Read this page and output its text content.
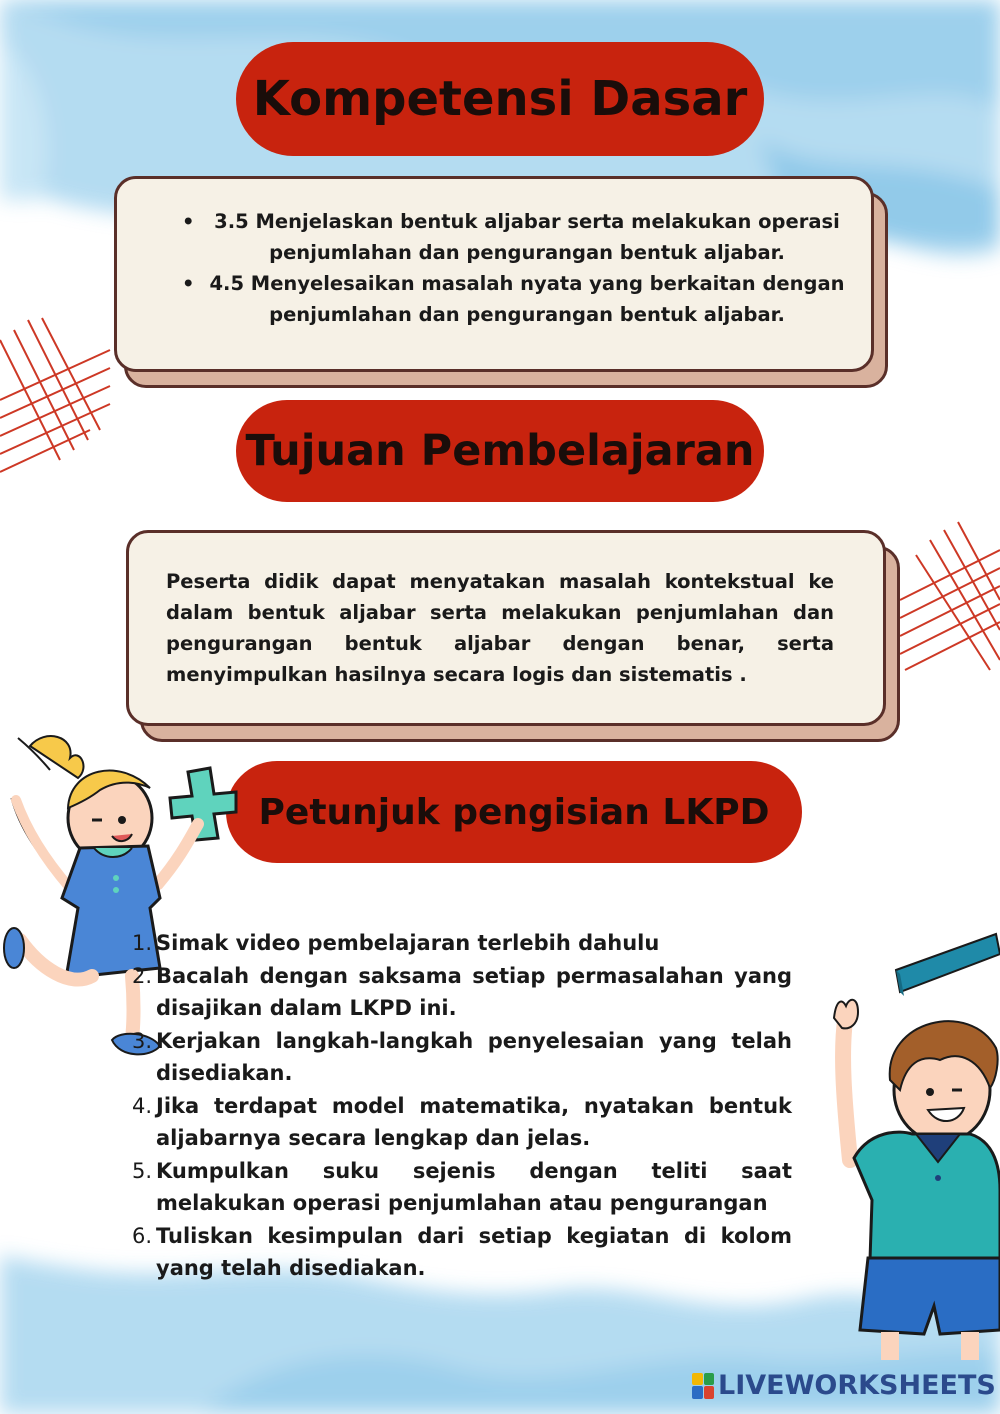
Kompetensi Dasar
• 3.5 Menjelaskan bentuk aljabar serta melakukan operasi penjumlahan dan pengurangan bentuk aljabar.
• 4.5 Menyelesaikan masalah nyata yang berkaitan dengan penjumlahan dan pengurangan bentuk aljabar.
Tujuan Pembelajaran

Peserta didik dapat menyatakan masalah kontekstual ke dalam bentuk aljabar serta melakukan penjumlahan dan pengurangan bentuk aljabar dengan benar, serta

menyimpulkan hasilnya secara logis dan sistematis .

Petunjuk pengisian LKPD
1. Simak video pembelajaran terlebih dahulu
2. Bacalah dengan saksama setiap permasalahan yang disajikan dalam LKPD ini.
3. Kerjakan langkah-langkah penyelesaian yang telah disediakan.
4. Jika terdapat model matematika, nyatakan bentuk aljabarnya secara lengkap dan jelas.
5. Kumpulkan suku sejenis dengan teliti saat melakukan operasi penjumlahan atau pengurangan
6. Tuliskan kesimpulan dari setiap kegiatan di kolom yang telah disediakan.
LIVEWORKSHEETS
